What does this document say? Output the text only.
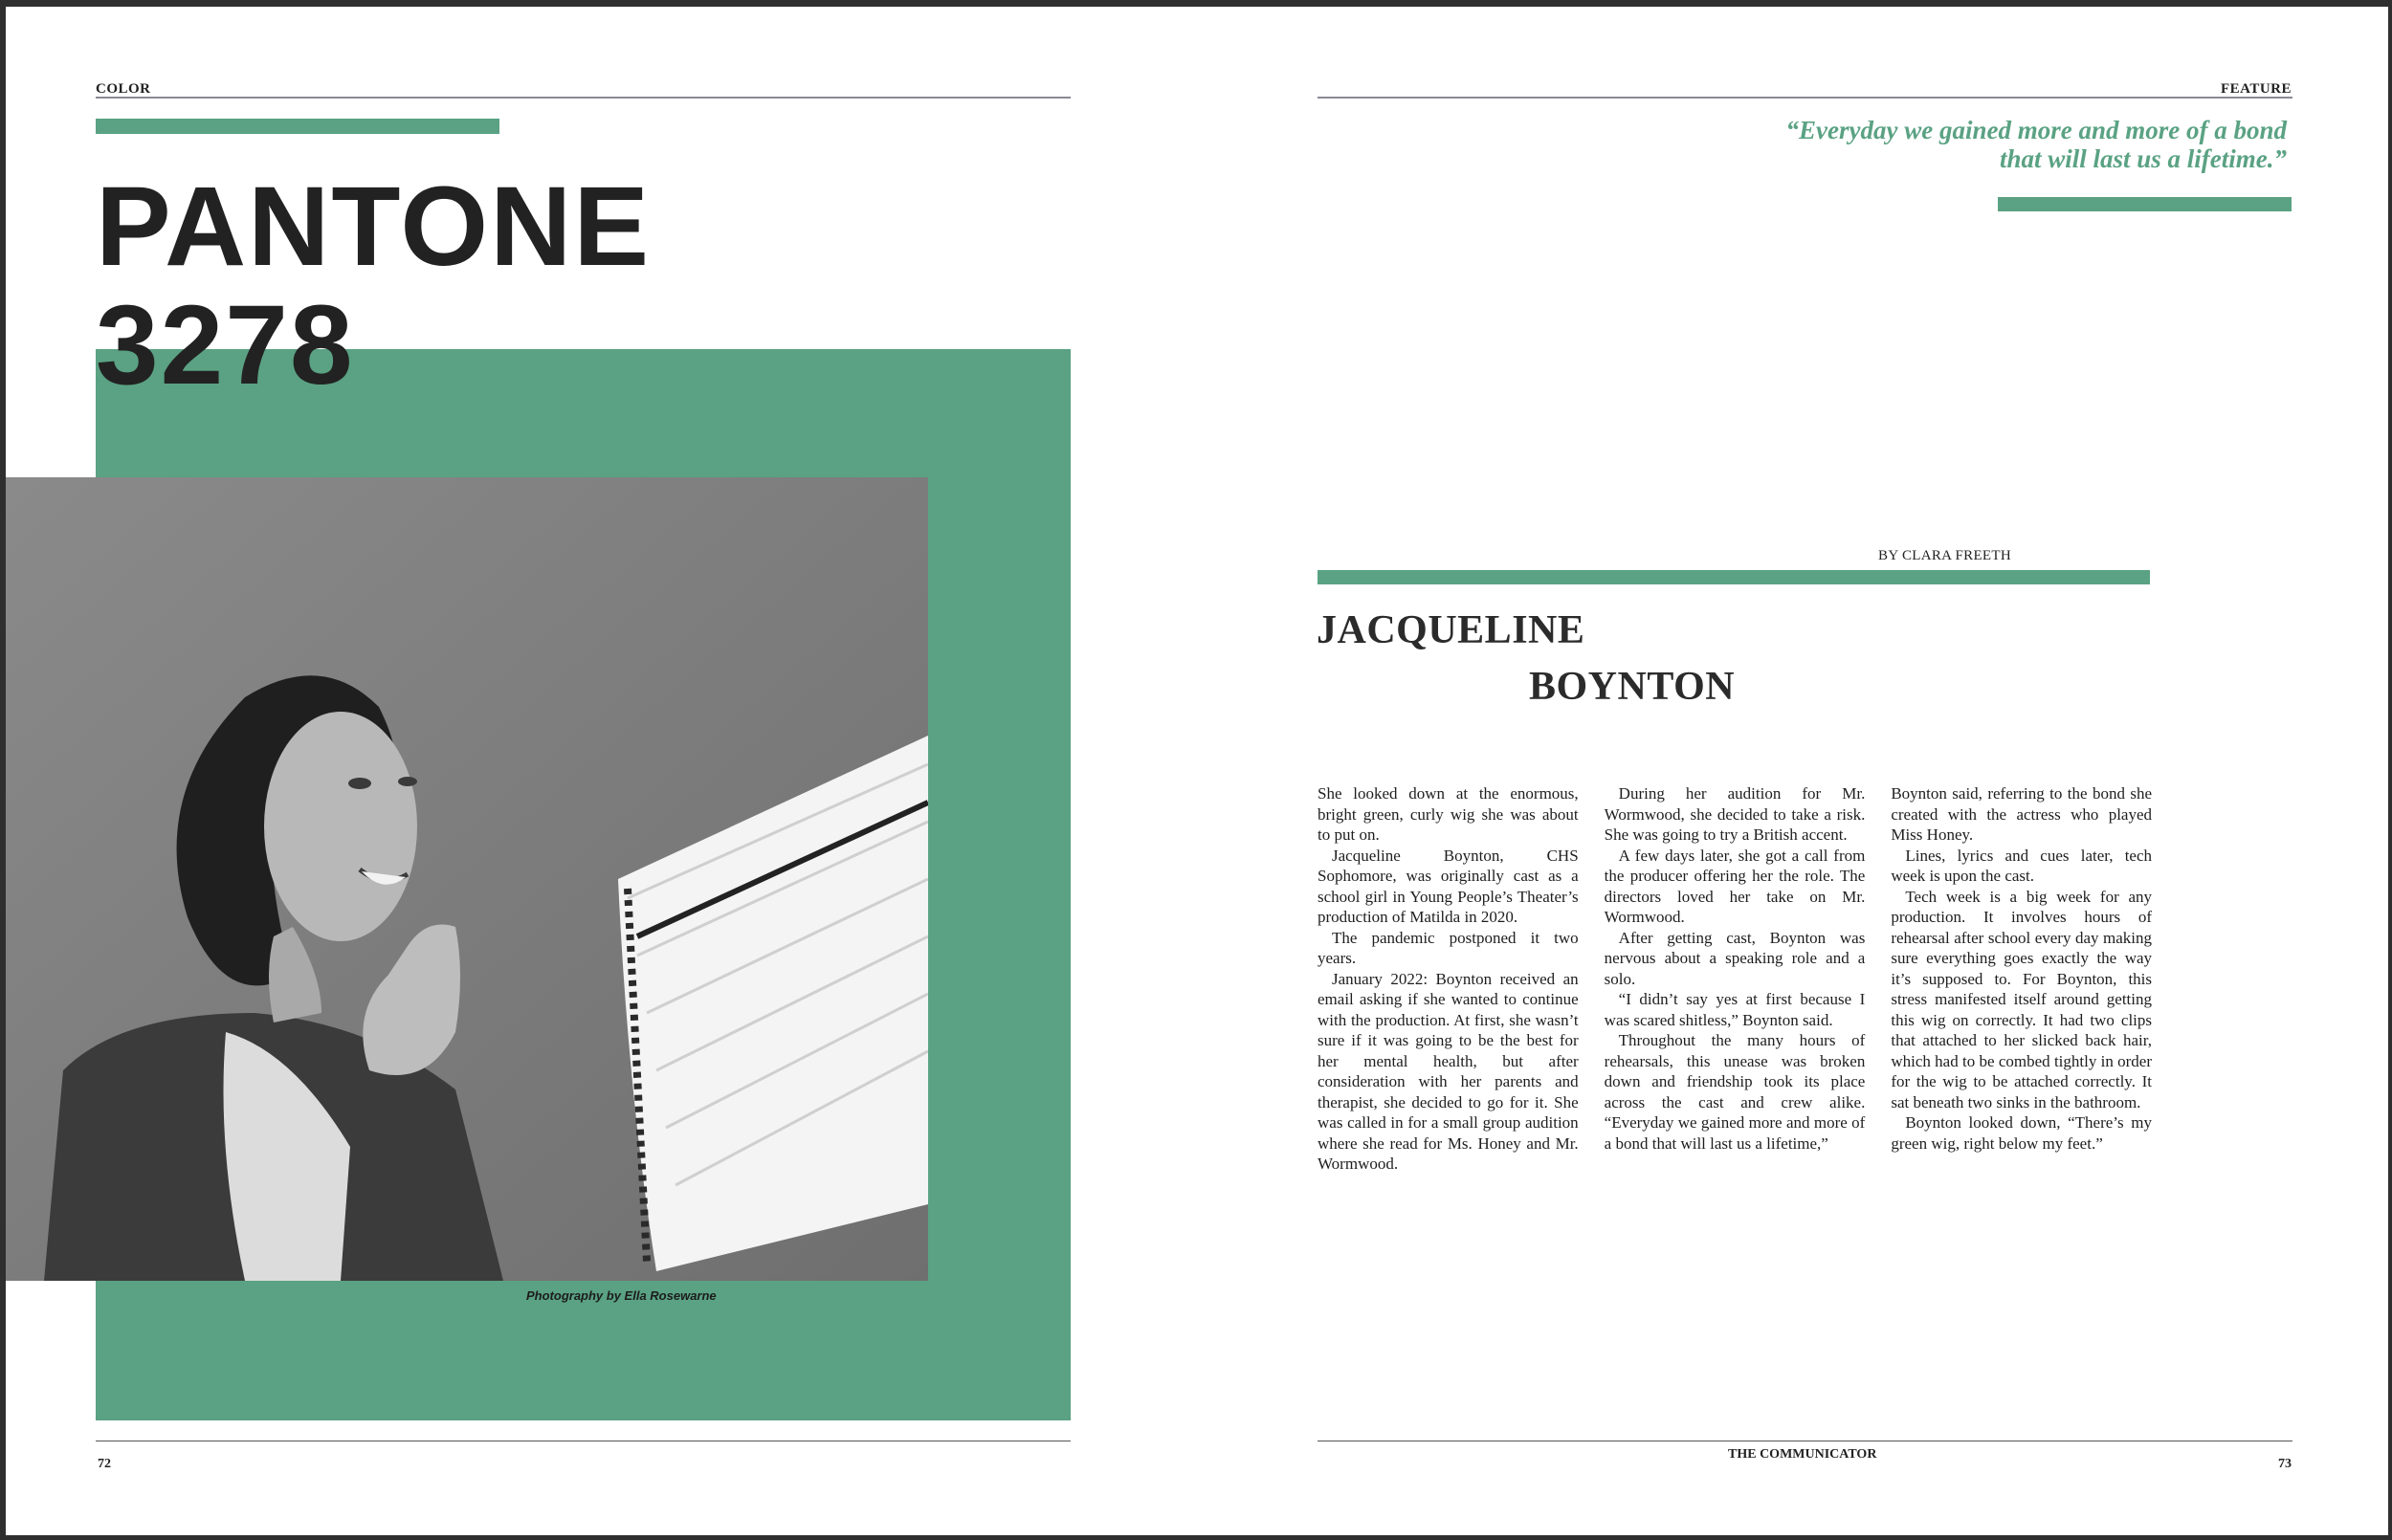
COLOR
PANTONE
3278
Photography by Ella Rosewarne
72
FEATURE
“Everyday we gained more and more of a bond
that will last us a lifetime.”
BY CLARA FREETH
JACQUELINE
BOYNTON

She looked down at the enormous, bright green, curly wig she was about to put on.

Jacqueline Boynton, CHS Sophomore, was originally cast as a school girl in Young People’s Theater’s production of Matilda in 2020.

The pandemic postponed it two years.

January 2022: Boynton received an email asking if she wanted to continue with the production. At first, she wasn’t sure if it was going to be the best for her mental health, but after consideration with her parents and therapist, she decided to go for it. She was called in for a small group audition where she read for Ms. Honey and Mr. Wormwood.

During her audition for Mr. Wormwood, she decided to take a risk. She was going to try a British accent.

A few days later, she got a call from the producer offering her the role. The directors loved her take on Mr. Wormwood.

After getting cast, Boynton was nervous about a speaking role and a solo.

“I didn’t say yes at first because I was scared shitless,” Boynton said.

Throughout the many hours of rehearsals, this unease was broken down and friendship took its place across the cast and crew alike. “Everyday we gained more and more of a bond that will last us a lifetime,”

Boynton said, referring to the bond she created with the actress who played Miss Honey.

Lines, lyrics and cues later, tech week is upon the cast.

Tech week is a big week for any production. It involves hours of rehearsal after school every day making sure everything goes exactly the way it’s supposed to. For Boynton, this stress manifested itself around getting this wig on correctly. It had two clips that attached to her slicked back hair, which had to be combed tightly in order for the wig to be attached correctly. It sat beneath two sinks in the bathroom.

Boynton looked down, “There’s my green wig, right below my feet.”

THE COMMUNICATOR
73
